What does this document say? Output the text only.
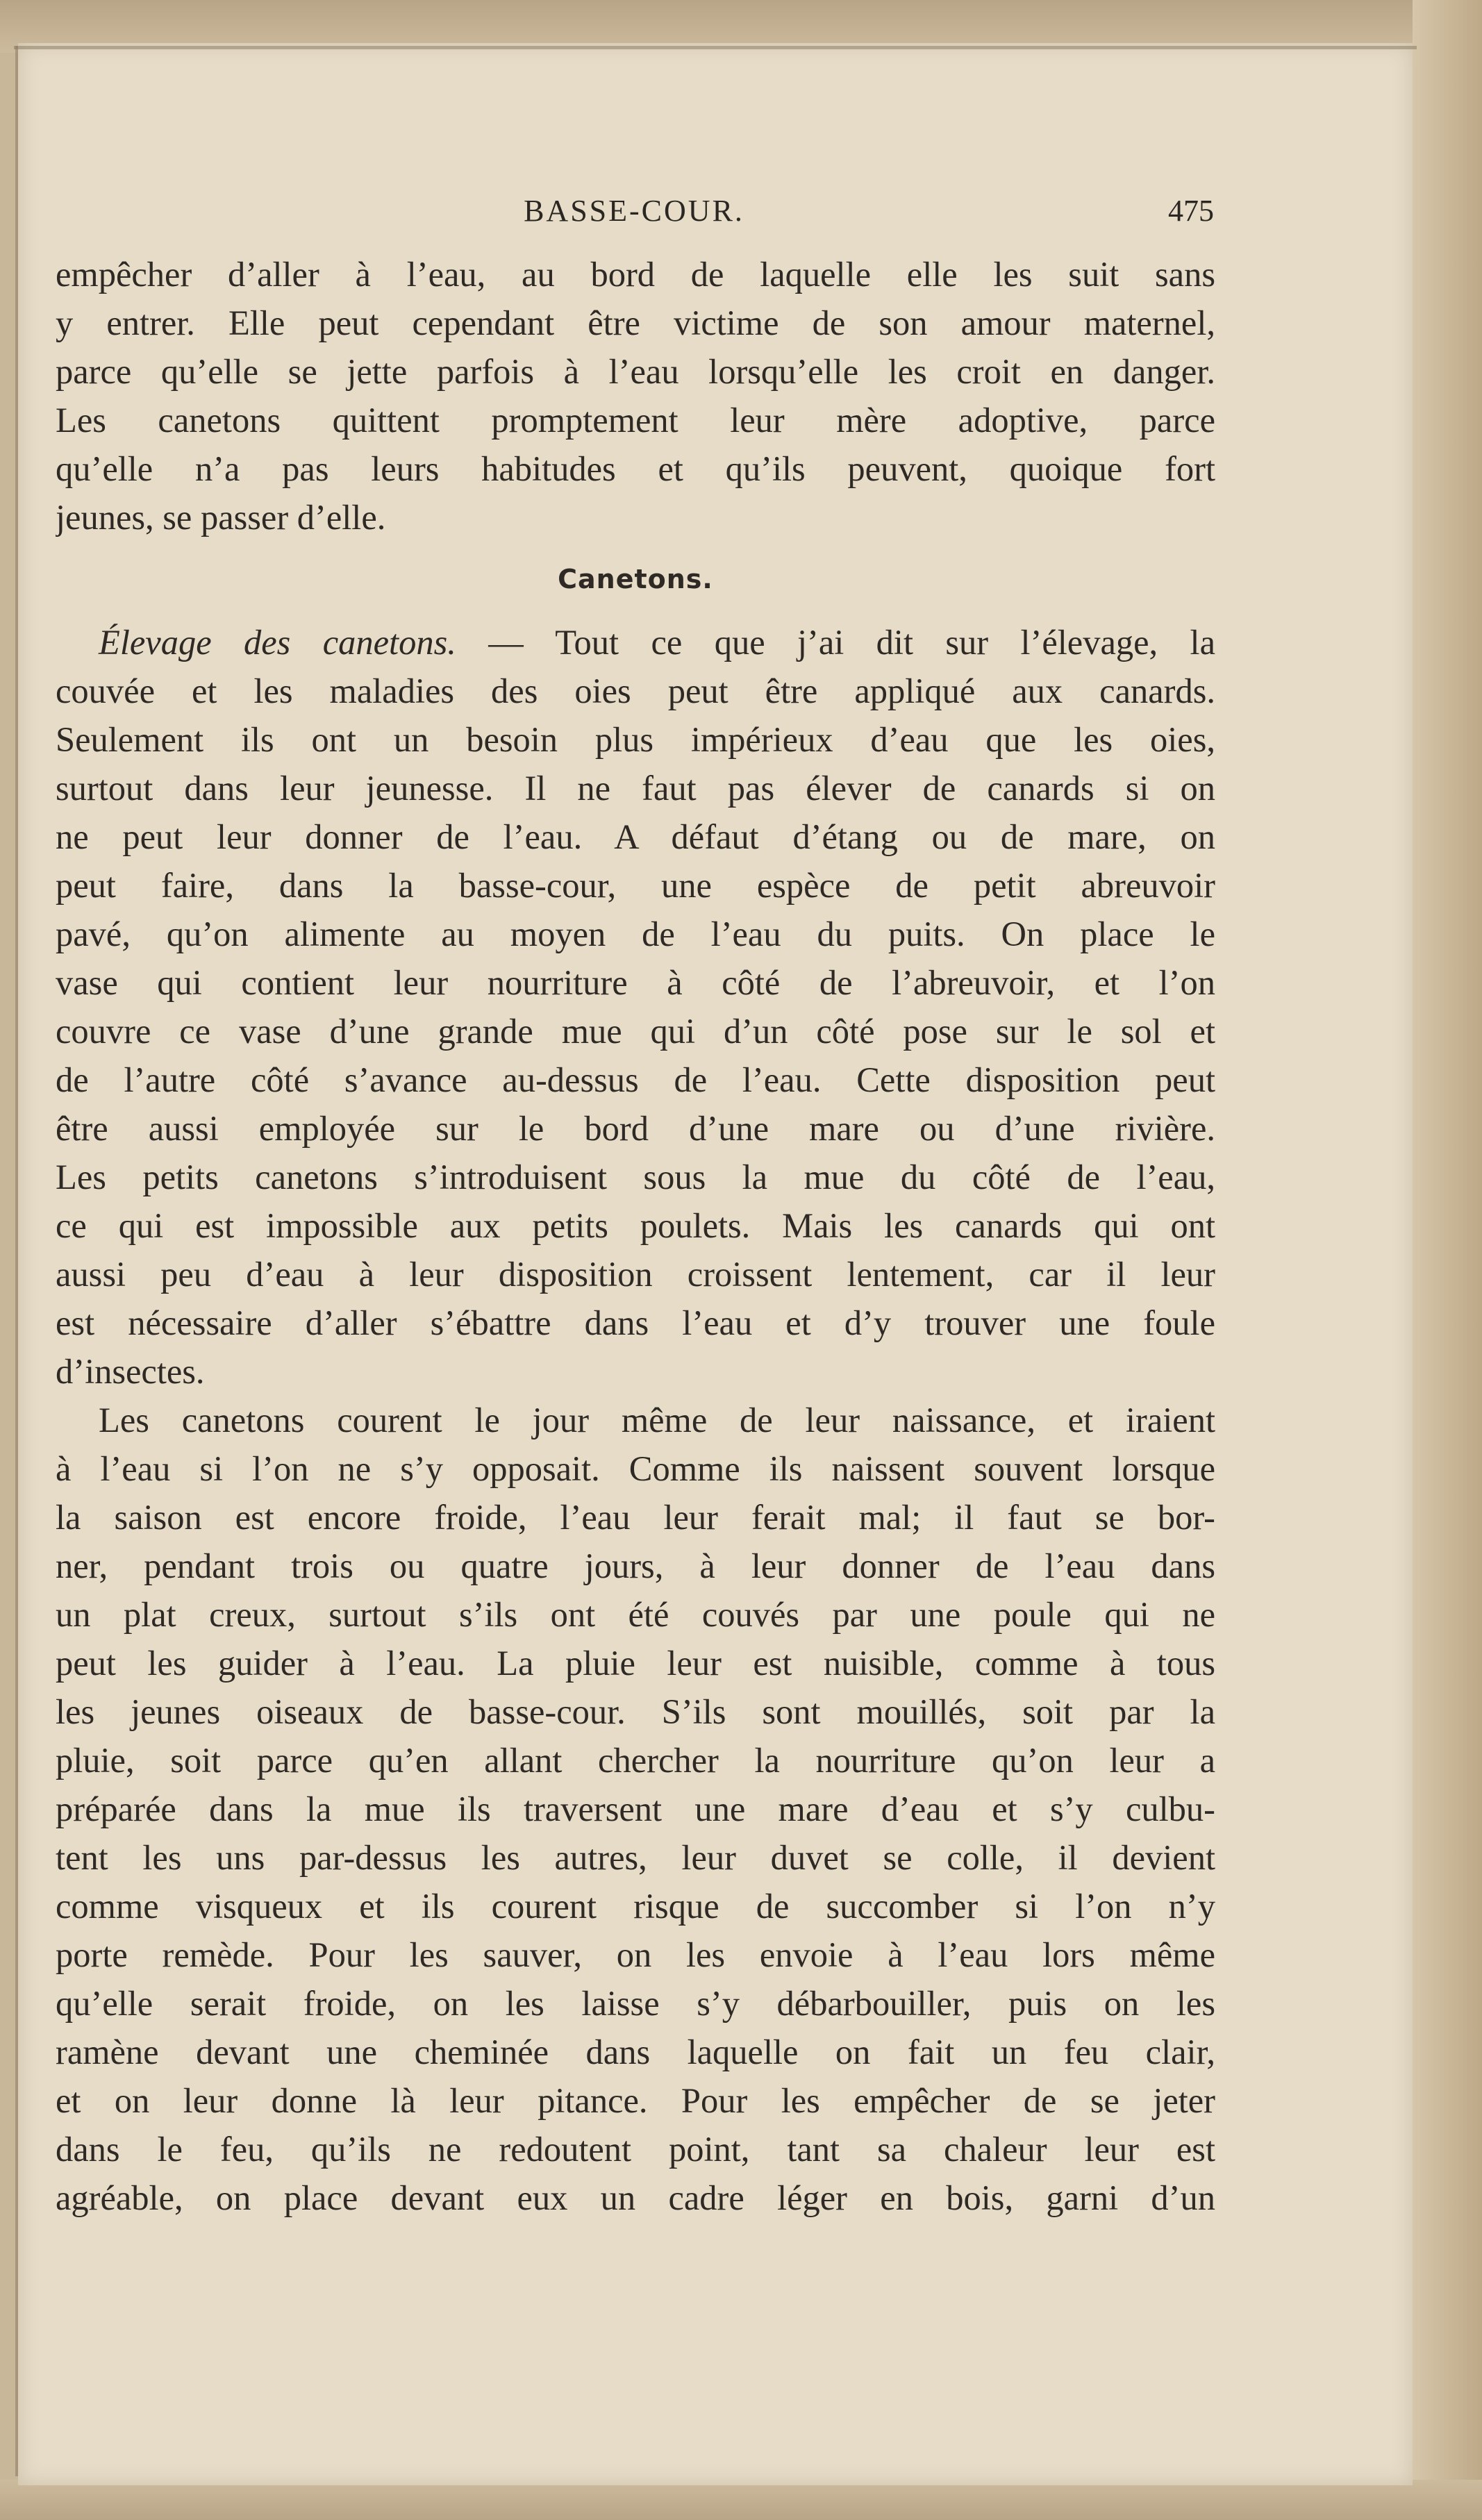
BASSE-COUR.	475
empêcher d’aller à l’eau, au bord de laquelle elle les suit sans
y entrer. Elle peut cependant être victime de son amour maternel,
parce qu’elle se jette parfois à l’eau lorsqu’elle les croit en danger.
Les canetons quittent promptement leur mère adoptive, parce
qu’elle n’a pas leurs habitudes et qu’ils peuvent, quoique fort
jeunes, se passer d’elle.
Canetons.
Élevage des canetons. — Tout ce que j’ai dit sur l’élevage, la
couvée et les maladies des oies peut être appliqué aux canards.
Seulement ils ont un besoin plus impérieux d’eau que les oies,
surtout dans leur jeunesse. Il ne faut pas élever de canards si on
ne peut leur donner de l’eau. A défaut d’étang ou de mare, on
peut faire, dans la basse-cour, une espèce de petit abreuvoir
pavé, qu’on alimente au moyen de l’eau du puits. On place le
vase qui contient leur nourriture à côté de l’abreuvoir, et l’on
couvre ce vase d’une grande mue qui d’un côté pose sur le sol et
de l’autre côté s’avance au-dessus de l’eau. Cette disposition peut
être aussi employée sur le bord d’une mare ou d’une rivière.
Les petits canetons s’introduisent sous la mue du côté de l’eau,
ce qui est impossible aux petits poulets. Mais les canards qui ont
aussi peu d’eau à leur disposition croissent lentement, car il leur
est nécessaire d’aller s’ébattre dans l’eau et d’y trouver une foule
d’insectes.
Les canetons courent le jour même de leur naissance, et iraient
à l’eau si l’on ne s’y opposait. Comme ils naissent souvent lorsque
la saison est encore froide, l’eau leur ferait mal; il faut se bor-
ner, pendant trois ou quatre jours, à leur donner de l’eau dans
un plat creux, surtout s’ils ont été couvés par une poule qui ne
peut les guider à l’eau. La pluie leur est nuisible, comme à tous
les jeunes oiseaux de basse-cour. S’ils sont mouillés, soit par la
pluie, soit parce qu’en allant chercher la nourriture qu’on leur a
préparée dans la mue ils traversent une mare d’eau et s’y culbu-
tent les uns par-dessus les autres, leur duvet se colle, il devient
comme visqueux et ils courent risque de succomber si l’on n’y
porte remède. Pour les sauver, on les envoie à l’eau lors même
qu’elle serait froide, on les laisse s’y débarbouiller, puis on les
ramène devant une cheminée dans laquelle on fait un feu clair,
et on leur donne là leur pitance. Pour les empêcher de se jeter
dans le feu, qu’ils ne redoutent point, tant sa chaleur leur est
agréable, on place devant eux un cadre léger en bois, garni d’un
